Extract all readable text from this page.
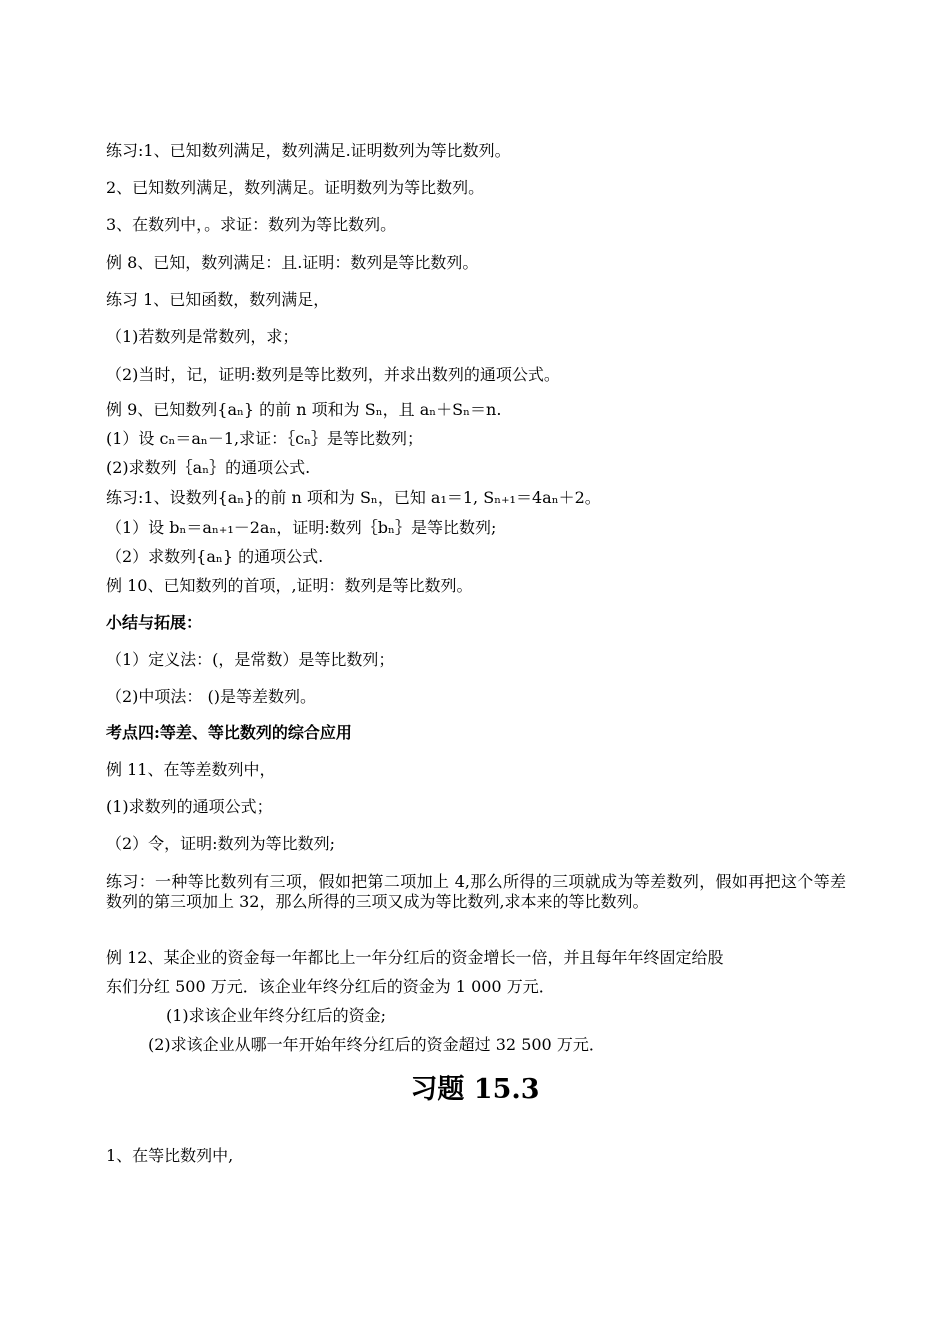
练习:1、已知数列满足，数列满足.证明数列为等比数列。
2、已知数列满足，数列满足。证明数列为等比数列。
3、在数列中，。求证：数列为等比数列。
例 8、已知，数列满足：且.证明：数列是等比数列。
练习 1、已知函数，数列满足，
（1)若数列是常数列，求；
（2)当时，记，证明:数列是等比数列，并求出数列的通项公式。
例 9、已知数列{aₙ} 的前 n 项和为 Sₙ，且 aₙ＋Sₙ＝n.
(1）设 cₙ＝aₙ－1,求证：｛cₙ｝是等比数列；
(2)求数列｛aₙ｝的通项公式.
练习:1、设数列{aₙ}的前 n 项和为 Sₙ，已知 a₁＝1, Sₙ₊₁＝4aₙ＋2。
（1）设 bₙ＝aₙ₊₁－2aₙ，证明:数列｛bₙ｝是等比数列;
（2）求数列{aₙ} 的通项公式.
例 10、已知数列的首项，,证明：数列是等比数列。
小结与拓展：
（1）定义法：(，是常数）是等比数列；
（2)中项法： ()是等差数列。
考点四:等差、等比数列的综合应用
例 11、在等差数列中，
(1)求数列的通项公式；
（2）令，证明:数列为等比数列;
练习：一种等比数列有三项，假如把第二项加上 4,那么所得的三项就成为等差数列，假如再把这个等差数列的第三项加上 32，那么所得的三项又成为等比数列,求本来的等比数列。
例 12、某企业的资金每一年都比上一年分红后的资金增长一倍，并且每年年终固定给股
东们分红 500 万元．该企业年终分红后的资金为 1 000 万元．
(1)求该企业年终分红后的资金;
(2)求该企业从哪一年开始年终分红后的资金超过 32 500 万元．
习题 15.3
1、在等比数列中,
